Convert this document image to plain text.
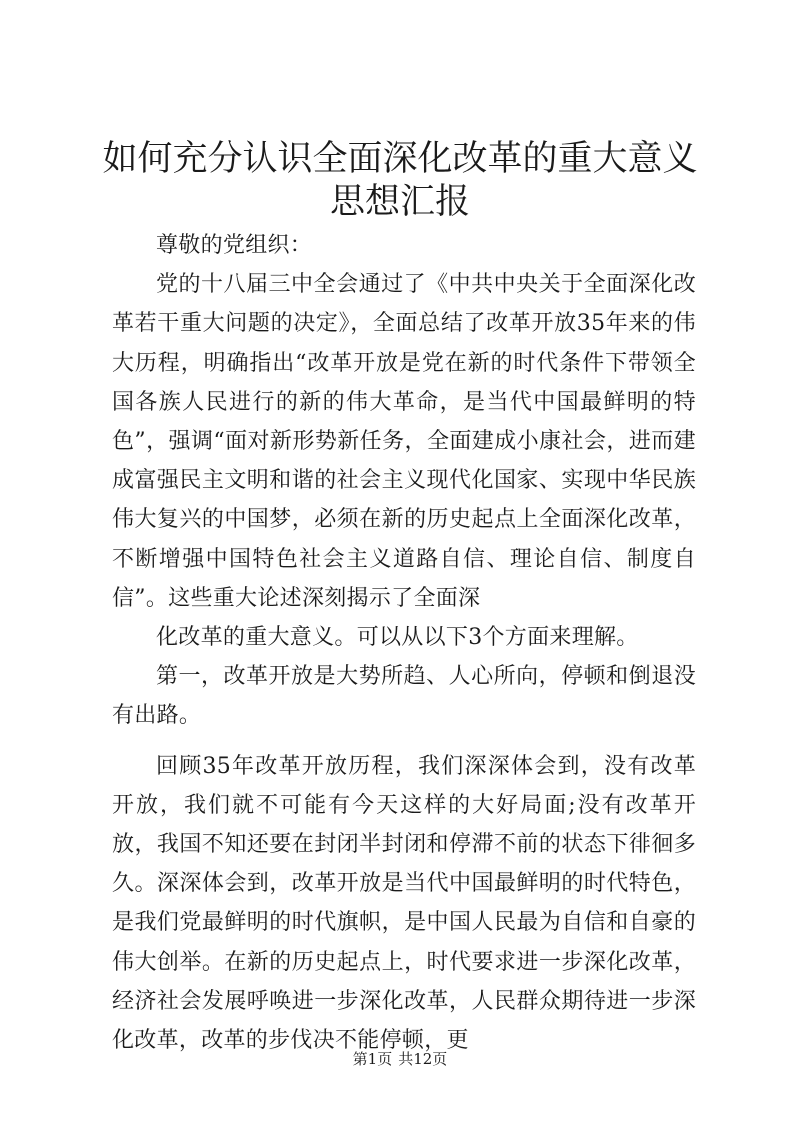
如何充分认识全面深化改革的重大意义思想汇报

尊敬的党组织：

党的十八届三中全会通过了《中共中央关于全面深化改革若干重大问题的决定》，全面总结了改革开放35年来的伟大历程，明确指出“改革开放是党在新的时代条件下带领全国各族人民进行的新的伟大革命，是当代中国最鲜明的特色”，强调“面对新形势新任务，全面建成小康社会，进而建成富强民主文明和谐的社会主义现代化国家、实现中华民族伟大复兴的中国梦，必须在新的历史起点上全面深化改革，不断增强中国特色社会主义道路自信、理论自信、制度自信”。这些重大论述深刻揭示了全面深

化改革的重大意义。可以从以下3个方面来理解。

第一，改革开放是大势所趋、人心所向，停顿和倒退没有出路。

回顾35年改革开放历程，我们深深体会到，没有改革开放，我们就不可能有今天这样的大好局面;没有改革开放，我国不知还要在封闭半封闭和停滞不前的状态下徘徊多久。深深体会到，改革开放是当代中国最鲜明的时代特色，是我们党最鲜明的时代旗帜，是中国人民最为自信和自豪的伟大创举。在新的历史起点上，时代要求进一步深化改革，经济社会发展呼唤进一步深化改革，人民群众期待进一步深化改革，改革的步伐决不能停顿，更

第1页 共12页
